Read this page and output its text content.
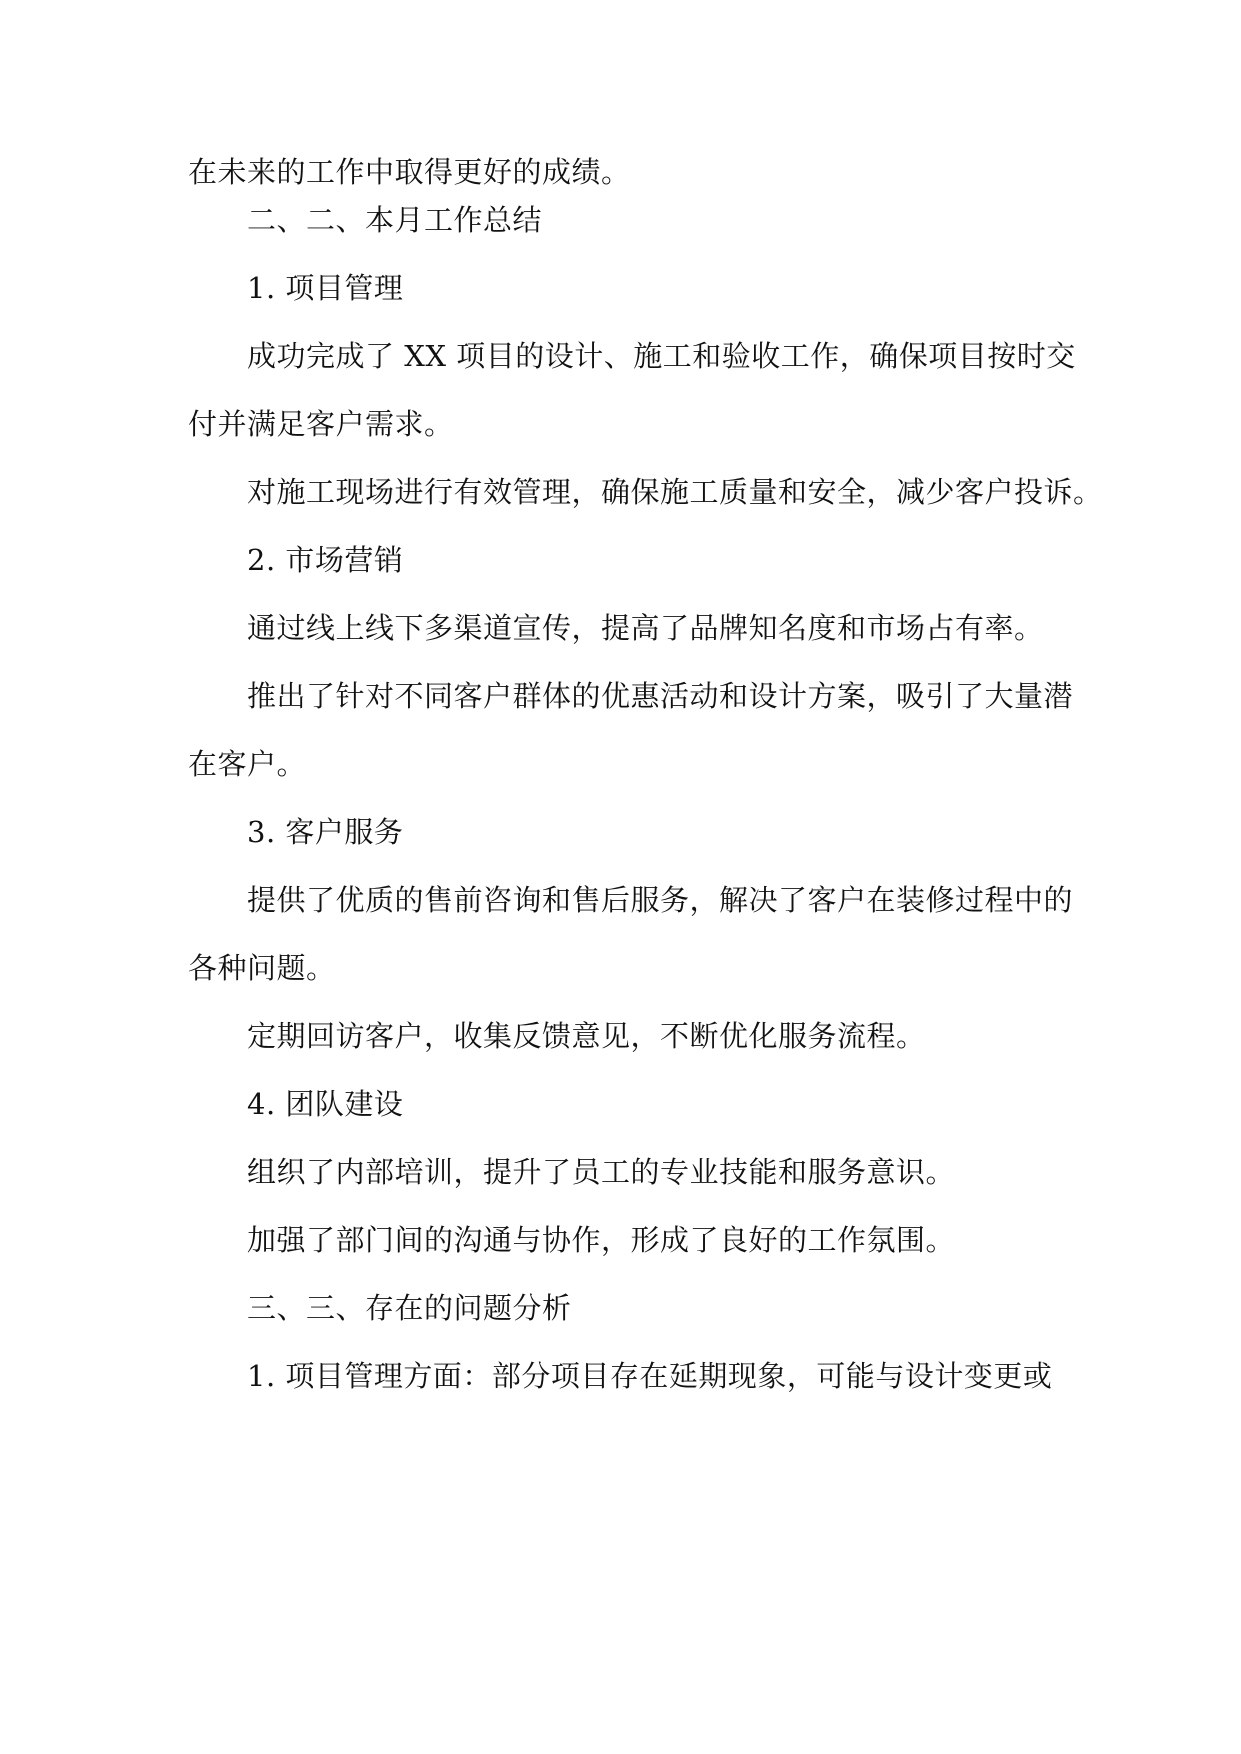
在未来的工作中取得更好的成绩。
二、二、本月工作总结
1. 项目管理
成功完成了 XX 项目的设计、施工和验收工作，确保项目按时交
付并满足客户需求。
对施工现场进行有效管理，确保施工质量和安全，减少客户投诉。
2. 市场营销
通过线上线下多渠道宣传，提高了品牌知名度和市场占有率。
推出了针对不同客户群体的优惠活动和设计方案，吸引了大量潜
在客户。
3. 客户服务
提供了优质的售前咨询和售后服务，解决了客户在装修过程中的
各种问题。
定期回访客户，收集反馈意见，不断优化服务流程。
4. 团队建设
组织了内部培训，提升了员工的专业技能和服务意识。
加强了部门间的沟通与协作，形成了良好的工作氛围。
三、三、存在的问题分析
1. 项目管理方面：部分项目存在延期现象，可能与设计变更或
